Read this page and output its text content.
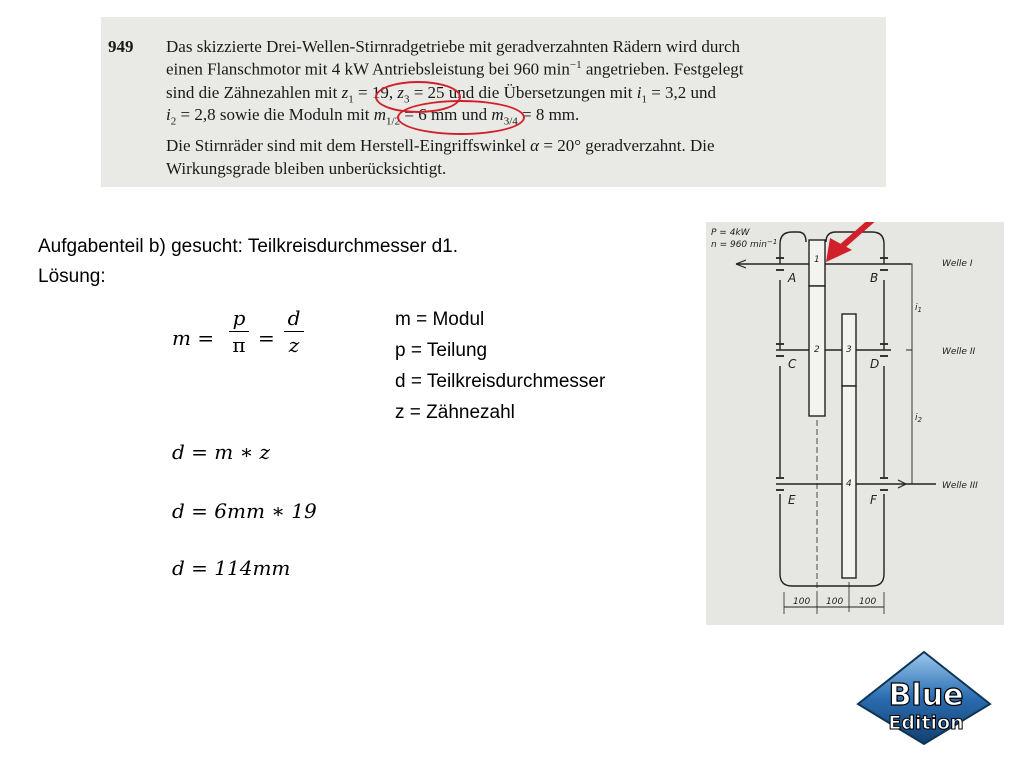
949 Das skizzierte Drei-Wellen-Stirnradgetriebe mit geradverzahnten Rädern wird durch
einen Flanschmotor mit 4 kW Antriebsleistung bei 960 $\min^{-1}$ angetrieben. Festgelegt
sind die Zähnezahlen mit $z_1 = 19$, $z_3 = 25$ und die Übersetzungen mit $i_1 = 3,2$ und
$i_2 = 2,8$ sowie die Moduln mit $m_{1/2} = 6$ mm und $m_{3/4} = 8$ mm.
Die Stirnräder sind mit dem Herstell-Eingriffswinkel α = 20° geradverzahnt. Die
Wirkungsgrade bleiben unberücksichtigt.
Aufgabenteil b) gesucht: Teilkreisdurchmesser d1.
Lösung:
m =
p
π =
d
z
m = Modul
p = Teilung
d = Teilkreisdurchmesser
z = Zähnezahl
d = m ∗ z
d = 6mm ∗ 19
d = 114mm
P = 4kW
n = 960 $\min^{-1}$
Welle I
Welle II
Welle III
A	B
C	D
E	F
1
2	3
4
$i_1$
$i_2$
100 100 100
Blue
Edition
